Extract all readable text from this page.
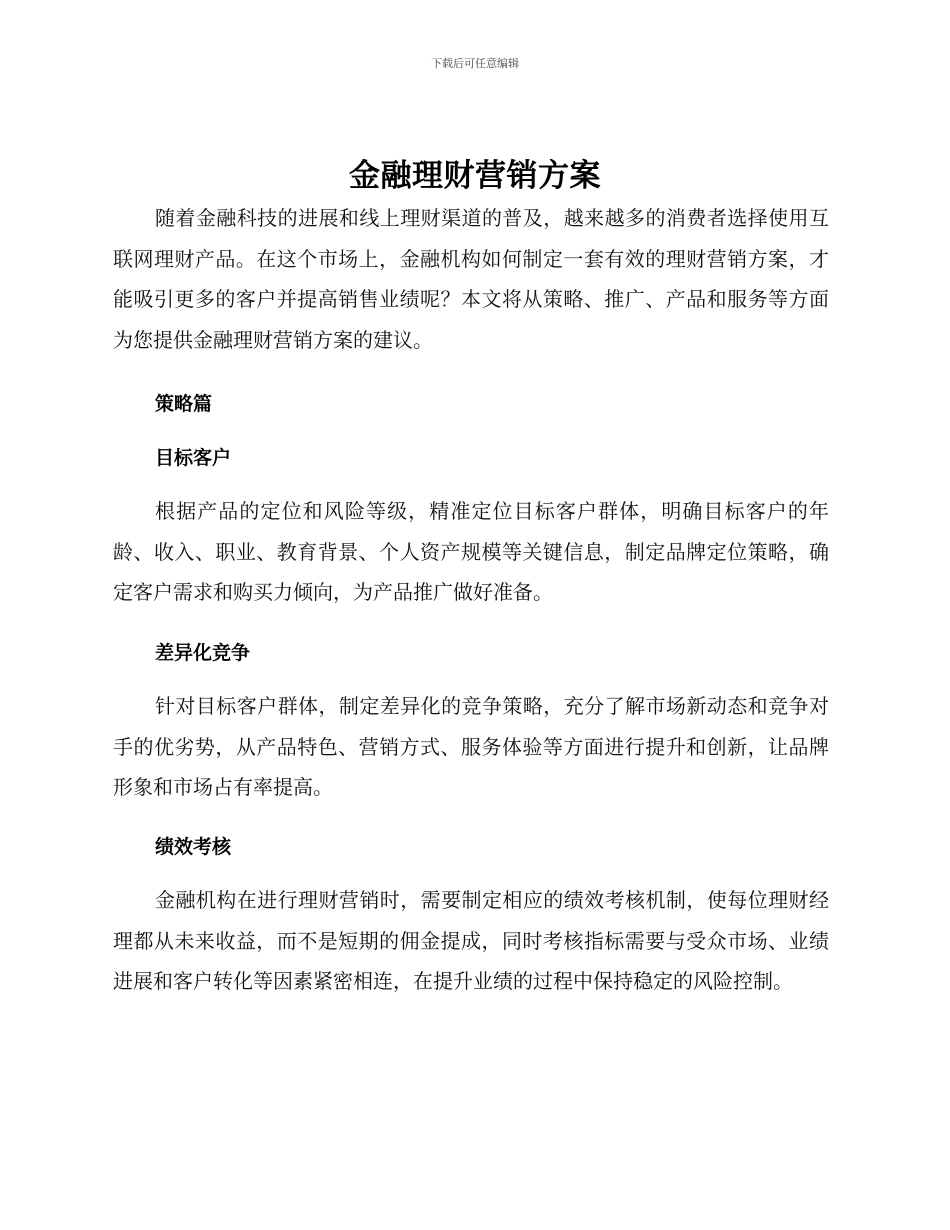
下载后可任意编辑
金融理财营销方案

随着金融科技的进展和线上理财渠道的普及，越来越多的消费者选择使用互联网理财产品。在这个市场上，金融机构如何制定一套有效的理财营销方案，才能吸引更多的客户并提高销售业绩呢？本文将从策略、推广、产品和服务等方面为您提供金融理财营销方案的建议。

策略篇
目标客户

根据产品的定位和风险等级，精准定位目标客户群体，明确目标客户的年龄、收入、职业、教育背景、个人资产规模等关键信息，制定品牌定位策略，确定客户需求和购买力倾向，为产品推广做好准备。

差异化竞争

针对目标客户群体，制定差异化的竞争策略，充分了解市场新动态和竞争对手的优劣势，从产品特色、营销方式、服务体验等方面进行提升和创新，让品牌形象和市场占有率提高。

绩效考核

金融机构在进行理财营销时，需要制定相应的绩效考核机制，使每位理财经理都从未来收益，而不是短期的佣金提成，同时考核指标需要与受众市场、业绩进展和客户转化等因素紧密相连，在提升业绩的过程中保持稳定的风险控制。
